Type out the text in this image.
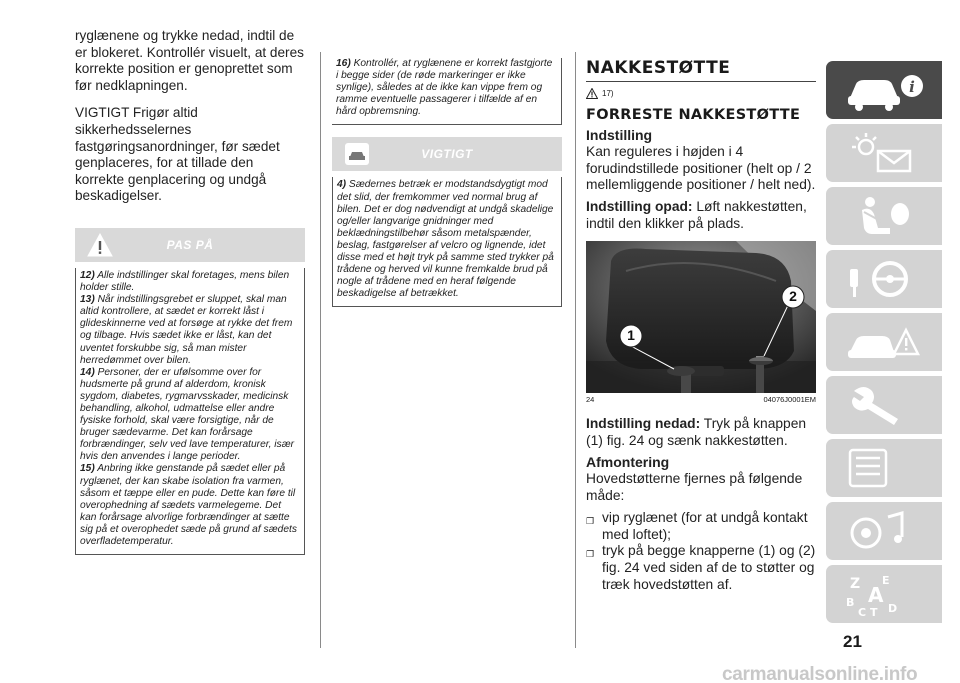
ryglænene og trykke nedad, indtil de er blokeret. Kontrollér visuelt, at deres korrekte position er genoprettet som før nedklapningen.

VIGTIGT Frigør altid sikkerhedsselernes fastgøringsanordninger, før sædet genplaceres, for at tillade den korrekte genplacering og undgå beskadigelser.

PAS PÅ
12) Alle indstillinger skal foretages, mens bilen holder stille.
13) Når indstillingsgrebet er sluppet, skal man altid kontrollere, at sædet er korrekt låst i glideskinnerne ved at forsøge at rykke det frem og tilbage. Hvis sædet ikke er låst, kan det uventet forskubbe sig, så man mister herredømmet over bilen.
14) Personer, der er ufølsomme over for hudsmerte på grund af alderdom, kronisk sygdom, diabetes, rygmarvsskader, medicinsk behandling, alkohol, udmattelse eller andre fysiske forhold, skal være forsigtige, når de bruger sædevarme. Det kan forårsage forbrændinger, selv ved lave temperaturer, især hvis den anvendes i lange perioder.
15) Anbring ikke genstande på sædet eller på ryglænet, der kan skabe isolation fra varmen, såsom et tæppe eller en pude. Dette kan føre til overophedning af sædets varmelegeme. Det kan forårsage alvorlige forbrændinger at sætte sig på et overophedet sæde på grund af sædets overfladetemperatur.
16) Kontrollér, at ryglænene er korrekt fastgjorte i begge sider (de røde markeringer er ikke synlige), således at de ikke kan vippe frem og ramme eventuelle passagerer i tilfælde af en hård opbremsning.
VIGTIGT
4) Sædernes betræk er modstandsdygtigt mod det slid, der fremkommer ved normal brug af bilen. Det er dog nødvendigt at undgå skadelige og/eller langvarige gnidninger med beklædningstilbehør såsom metalspænder, beslag, fastgørelser af velcro og lignende, idet disse med et højt tryk på samme sted trykker på trådene og herved vil kunne fremkalde brud på nogle af trådene med en heraf følgende beskadigelse af betrækket.
NAKKESTØTTE
17)
FORRESTE NAKKESTØTTE
Indstilling

Kan reguleres i højden i 4 forudindstillede positioner (helt op / 2 mellemliggende positioner / helt ned).

Indstilling opad: Løft nakkestøtten, indtil den klikker på plads.

1
2
24	04076J0001EM

Indstilling nedad: Tryk på knappen (1) fig. 24 og sænk nakkestøtten.

Afmontering

Hovedstøtterne fjernes på følgende måde:

❐ vip ryglænet (for at undgå kontakt med loftet);
❐ tryk på begge knapperne (1) og (2) fig. 24 ved siden af de to støtter og træk hovedstøtten af.
i
Z E
B A
C T D
21
carmanualsonline.info
